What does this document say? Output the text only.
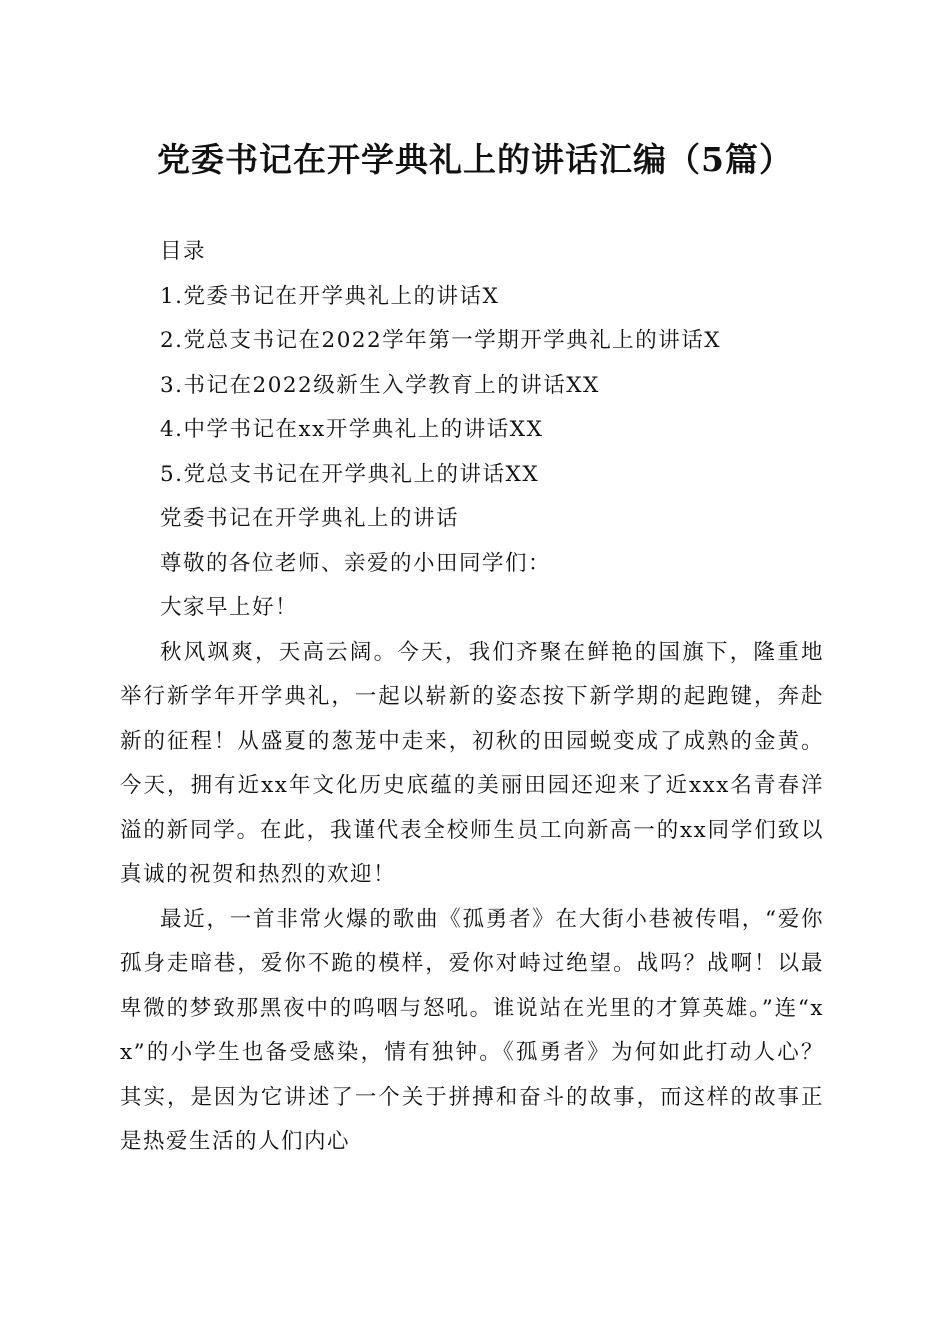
党委书记在开学典礼上的讲话汇编（5篇）

目录

1.党委书记在开学典礼上的讲话X

2.党总支书记在2022学年第一学期开学典礼上的讲话X

3.书记在2022级新生入学教育上的讲话XX

4.中学书记在xx开学典礼上的讲话XX

5.党总支书记在开学典礼上的讲话XX

党委书记在开学典礼上的讲话

尊敬的各位老师、亲爱的小田同学们：

大家早上好！

秋风飒爽，天高云阔。今天，我们齐聚在鲜艳的国旗下，隆重地举行新学年开学典礼，一起以崭新的姿态按下新学期的起跑键，奔赴新的征程！从盛夏的葱茏中走来，初秋的田园蜕变成了成熟的金黄。今天，拥有近xx年文化历史底蕴的美丽田园还迎来了近xxx名青春洋溢的新同学。在此，我谨代表全校师生员工向新高一的xx同学们致以真诚的祝贺和热烈的欢迎！

最近，一首非常火爆的歌曲《孤勇者》在大街小巷被传唱，“爱你孤身走暗巷，爱你不跪的模样，爱你对峙过绝望。战吗？战啊！以最卑微的梦致那黑夜中的呜咽与怒吼。谁说站在光里的才算英雄。”连“xx”的小学生也备受感染，情有独钟。《孤勇者》为何如此打动人心？其实，是因为它讲述了一个关于拼搏和奋斗的故事，而这样的故事正是热爱生活的人们内心
